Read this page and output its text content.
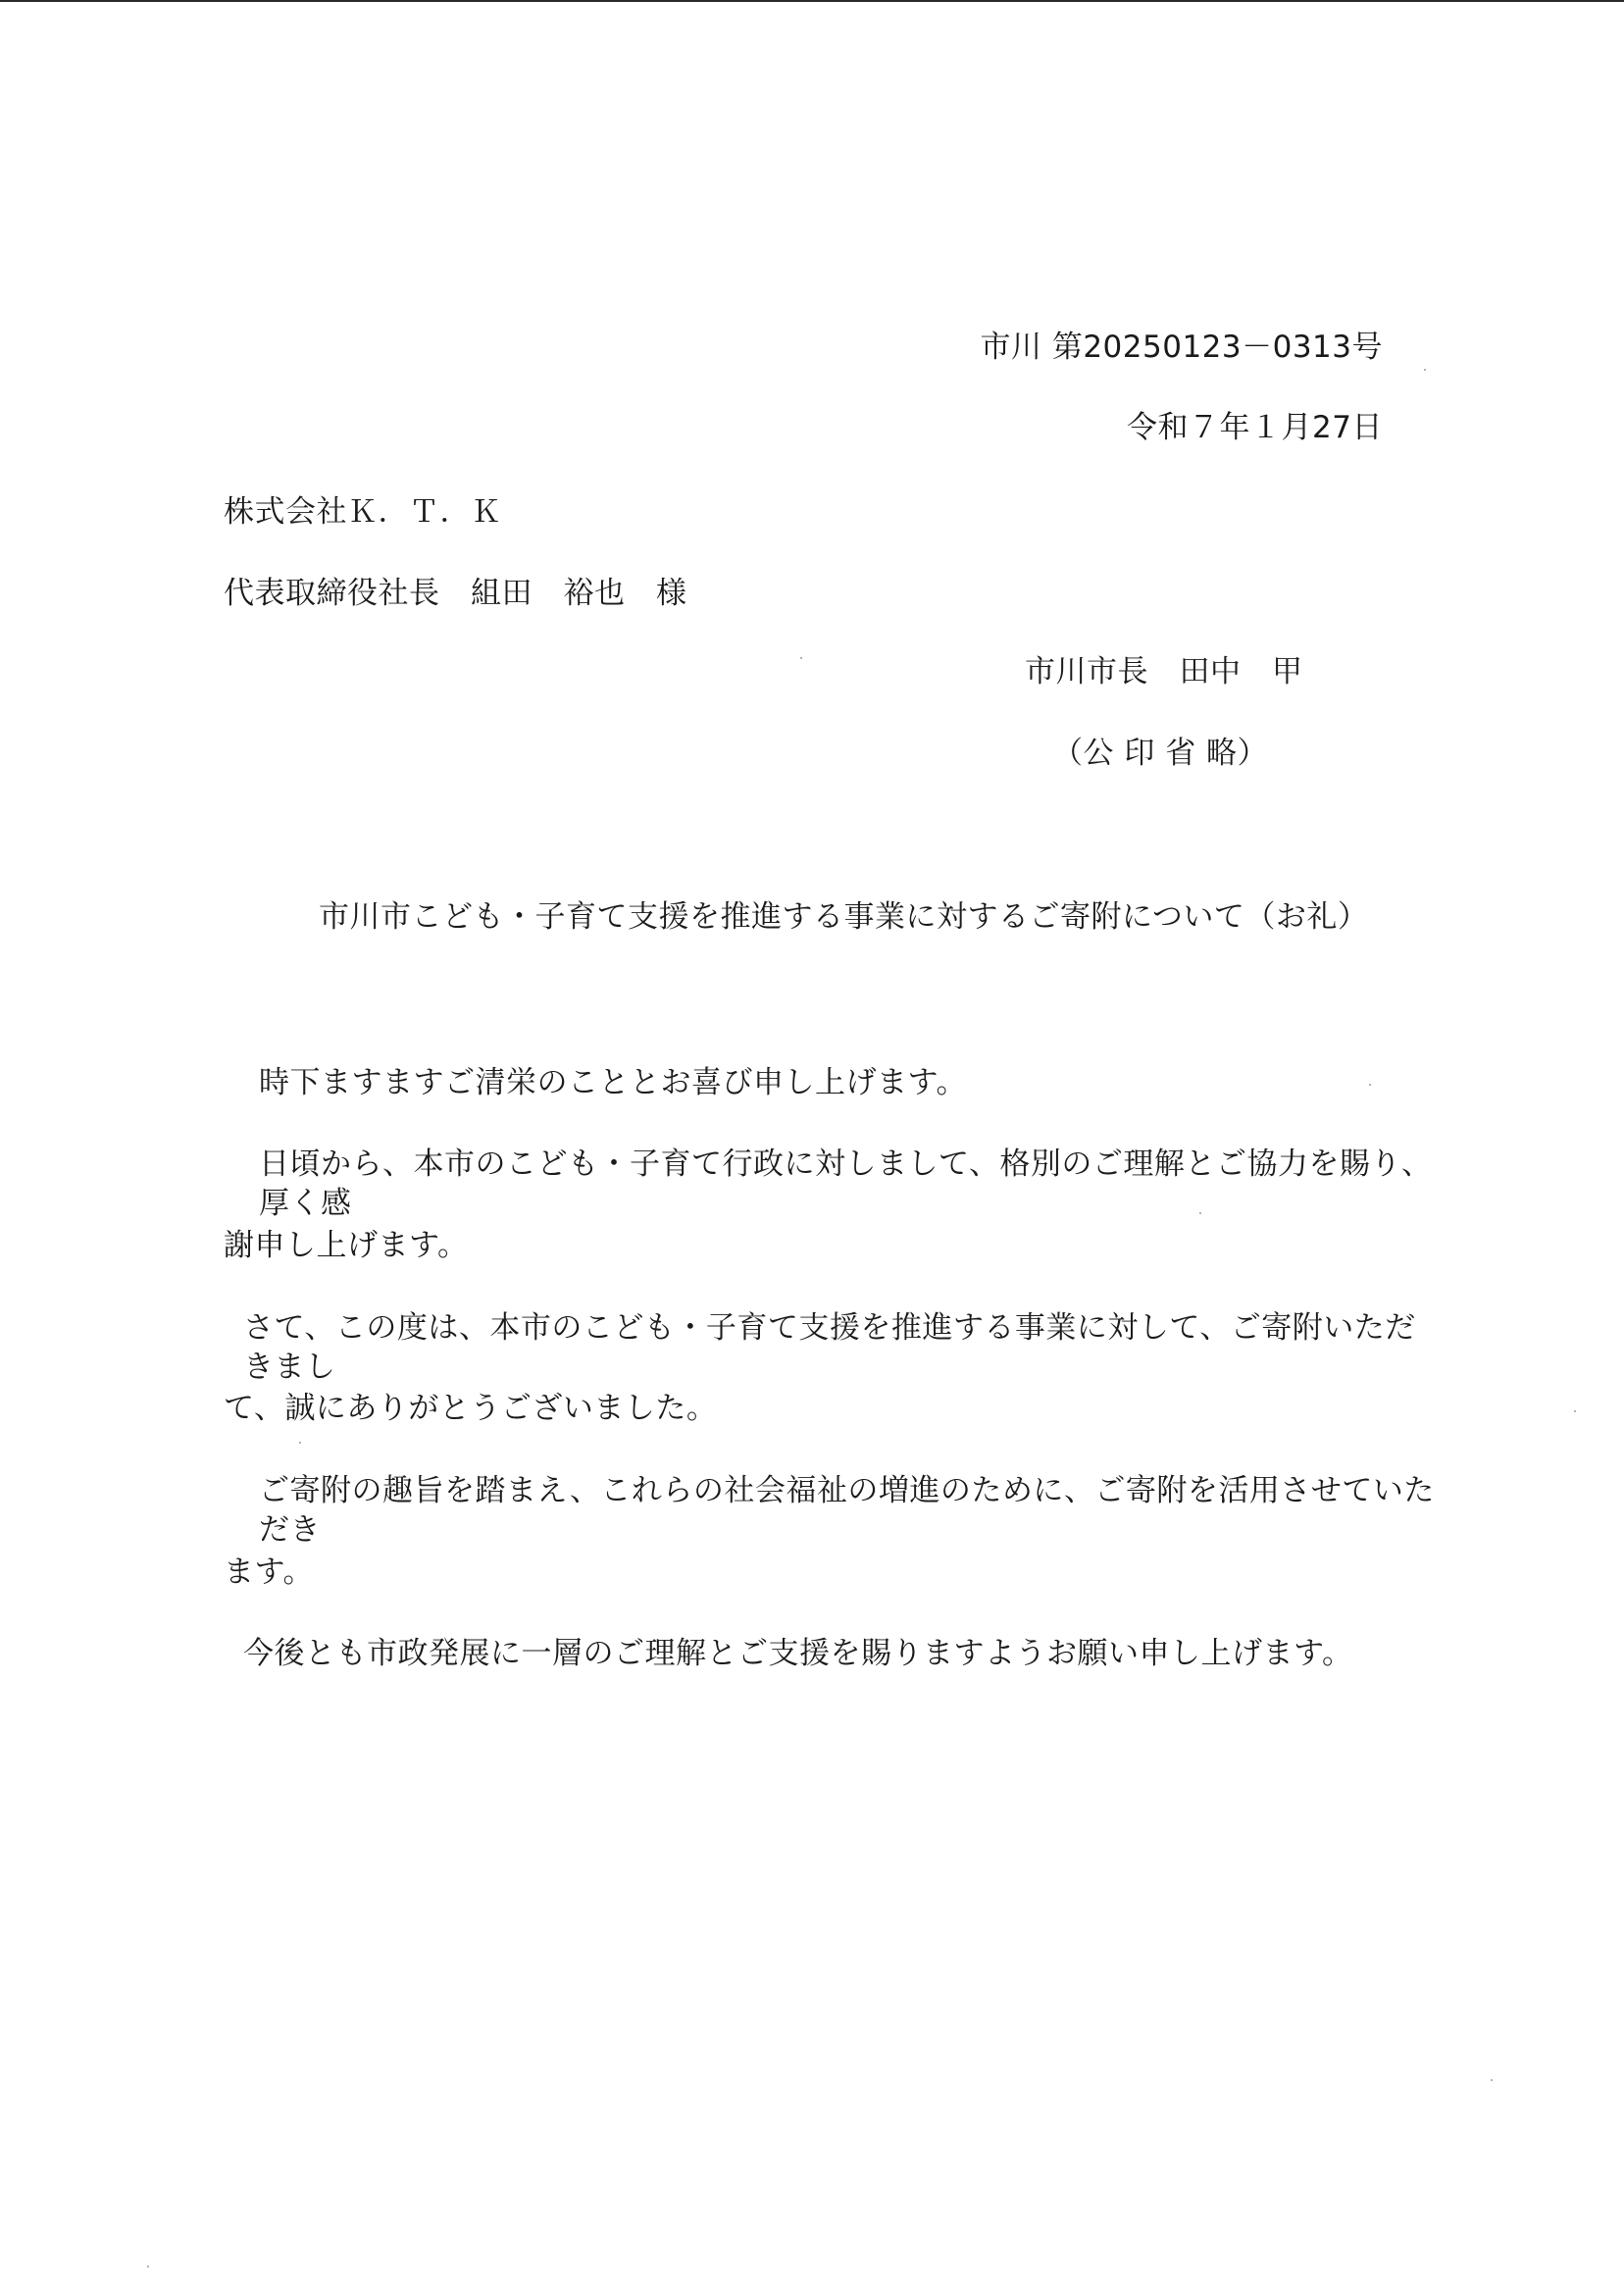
市川 第20250123－0313号
令和７年１月27日
株式会社Ｋ．Ｔ．Ｋ
代表取締役社長　組田　裕也　様
市川市長　田中　甲
（公 印 省 略）
市川市こども・子育て支援を推進する事業に対するご寄附について（お礼）
時下ますますご清栄のこととお喜び申し上げます。
日頃から、本市のこども・子育て行政に対しまして、格別のご理解とご協力を賜り、厚く感
謝申し上げます。
さて、この度は、本市のこども・子育て支援を推進する事業に対して、ご寄附いただきまし
て、誠にありがとうございました。
ご寄附の趣旨を踏まえ、これらの社会福祉の増進のために、ご寄附を活用させていただき
ます。
今後とも市政発展に一層のご理解とご支援を賜りますようお願い申し上げます。
